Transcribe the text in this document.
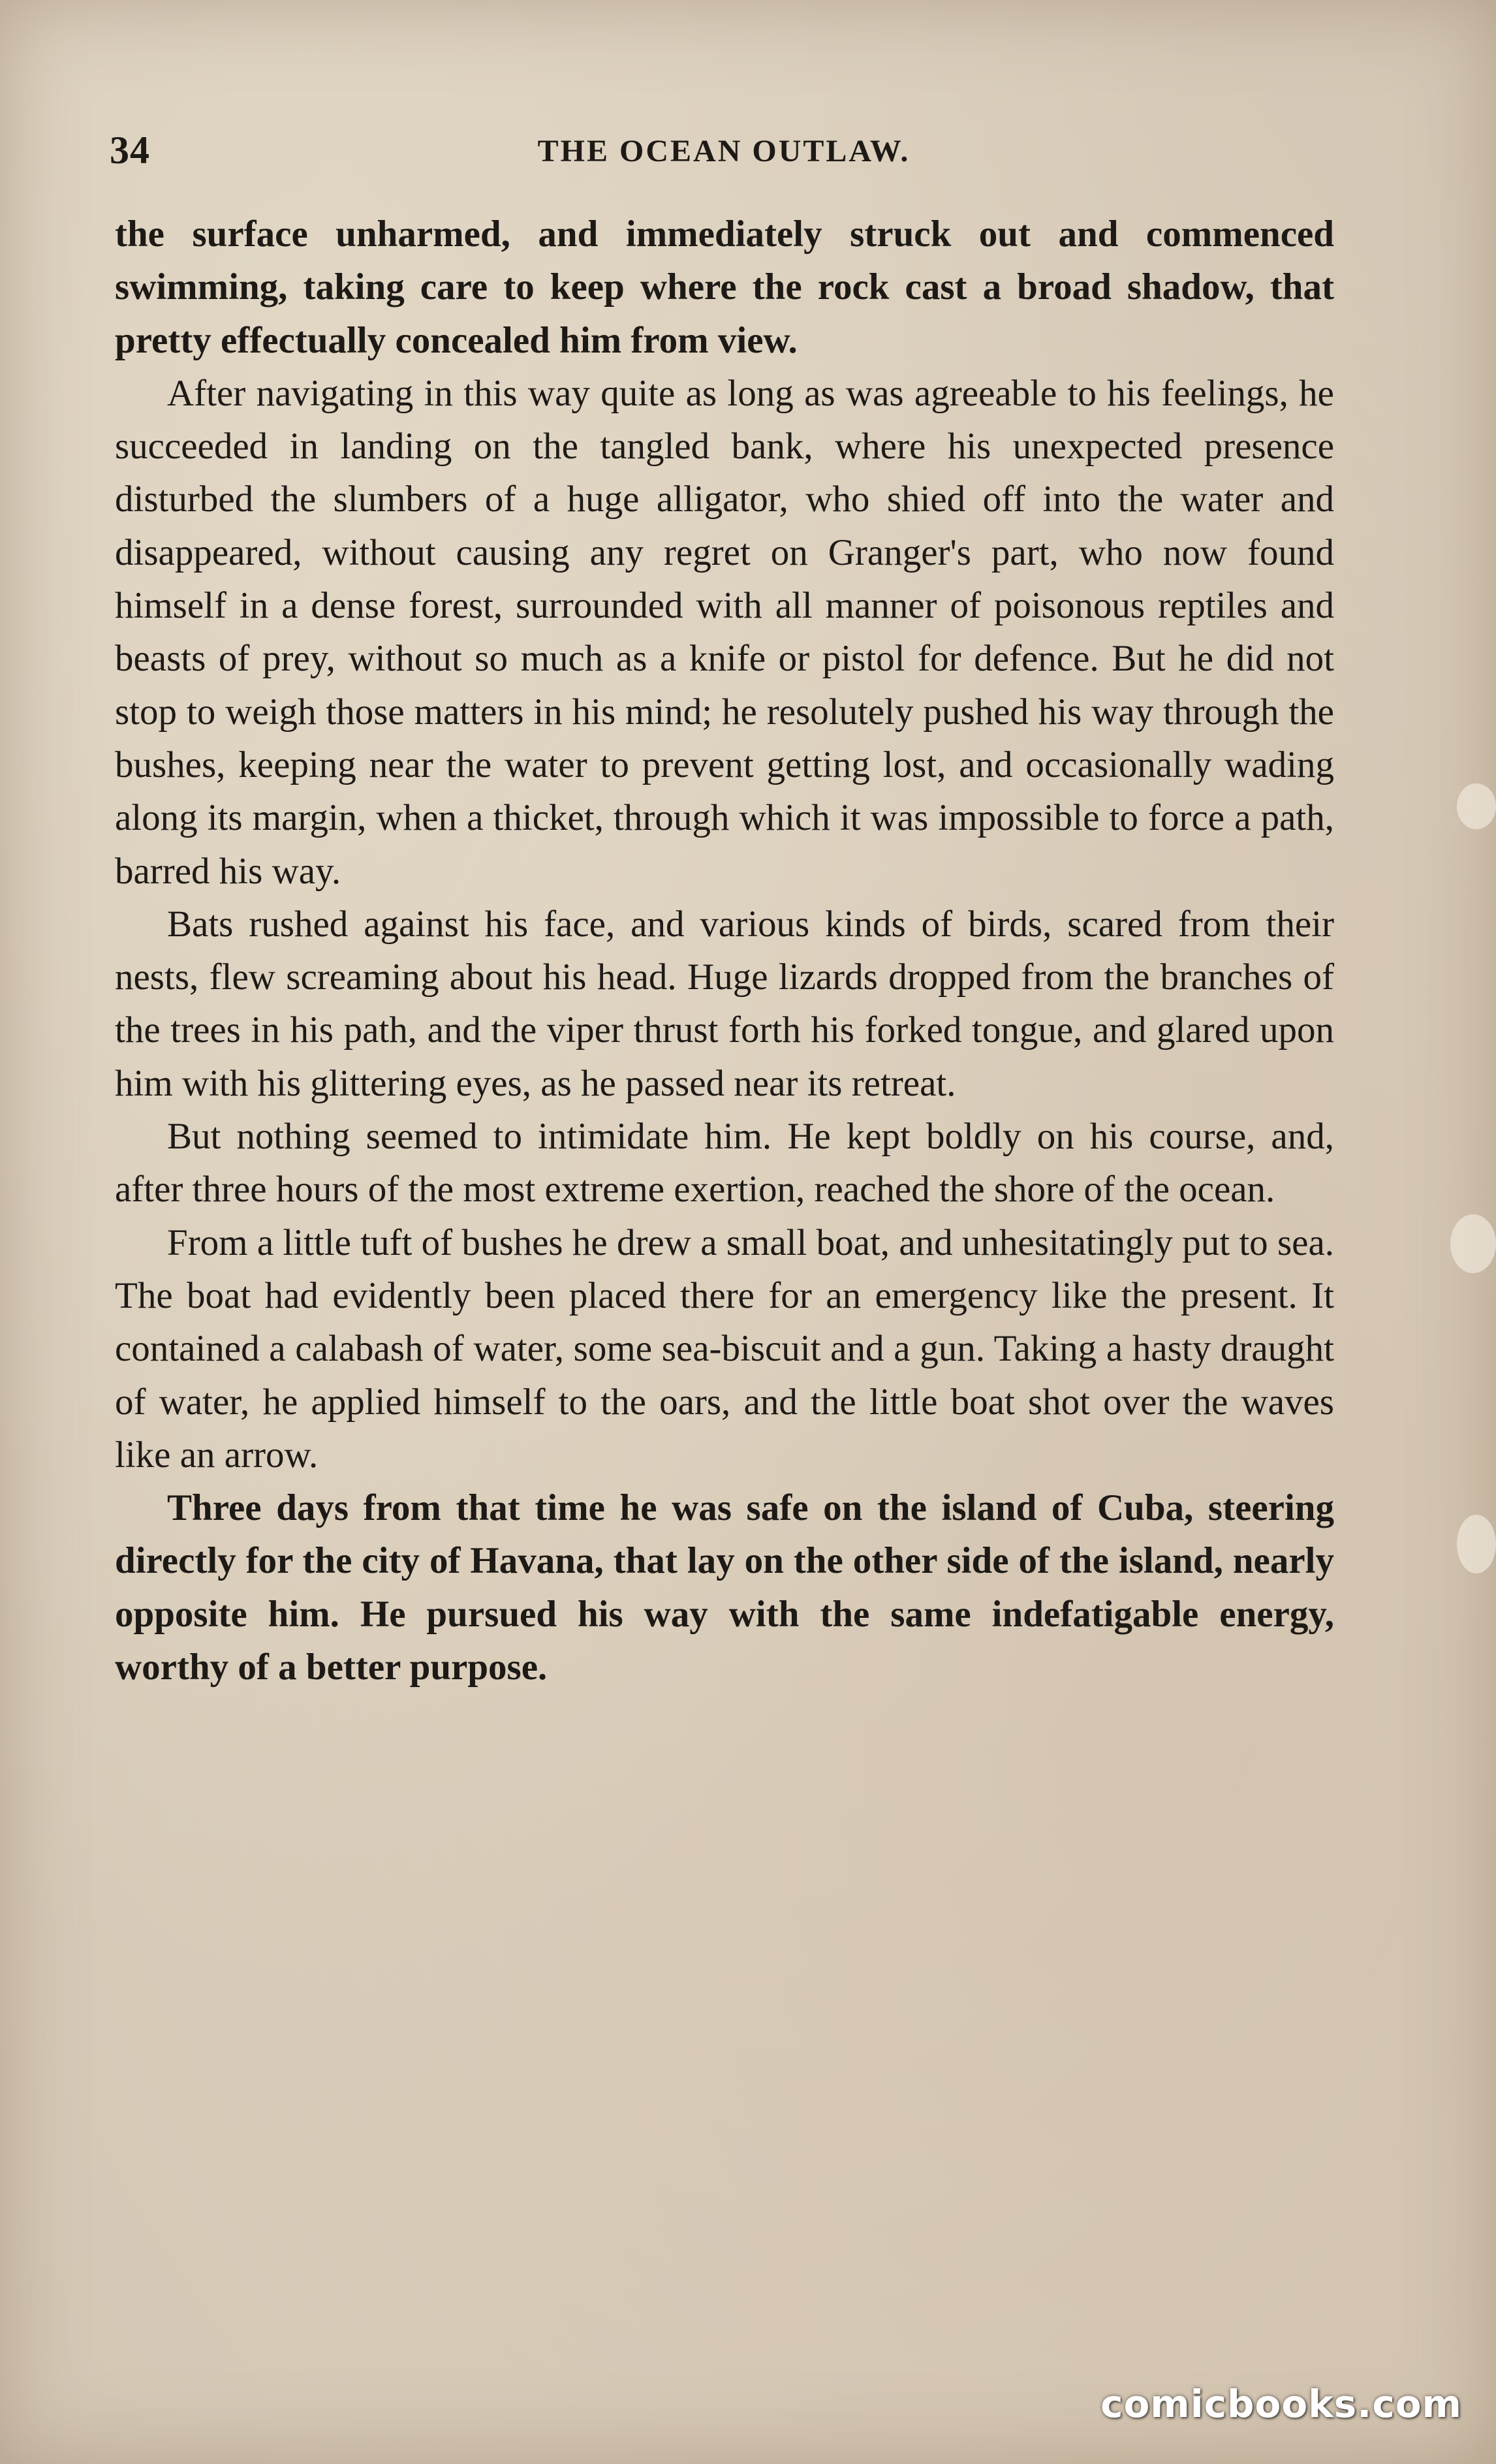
34	THE OCEAN OUTLAW.

the surface unharmed, and immediately struck out and commenced swimming, taking care to keep where the rock cast a broad shadow, that pretty effectually concealed him from view.

After navigating in this way quite as long as was agreeable to his feelings, he succeeded in landing on the tangled bank, where his unexpected presence disturbed the slumbers of a huge alligator, who shied off into the water and disappeared, without causing any regret on Granger's part, who now found himself in a dense forest, surrounded with all manner of poisonous reptiles and beasts of prey, without so much as a knife or pistol for defence. But he did not stop to weigh those matters in his mind; he resolutely pushed his way through the bushes, keeping near the water to prevent getting lost, and occasionally wading along its margin, when a thicket, through which it was impossible to force a path, barred his way.

Bats rushed against his face, and various kinds of birds, scared from their nests, flew screaming about his head. Huge lizards dropped from the branches of the trees in his path, and the viper thrust forth his forked tongue, and glared upon him with his glittering eyes, as he passed near its retreat.

But nothing seemed to intimidate him. He kept boldly on his course, and, after three hours of the most extreme exertion, reached the shore of the ocean.

From a little tuft of bushes he drew a small boat, and unhesitatingly put to sea. The boat had evidently been placed there for an emergency like the present. It contained a calabash of water, some sea-biscuit and a gun. Taking a hasty draught of water, he applied himself to the oars, and the little boat shot over the waves like an arrow.

Three days from that time he was safe on the island of Cuba, steering directly for the city of Havana, that lay on the other side of the island, nearly opposite him. He pursued his way with the same indefatigable energy, worthy of a better purpose.

comicbooks.com
